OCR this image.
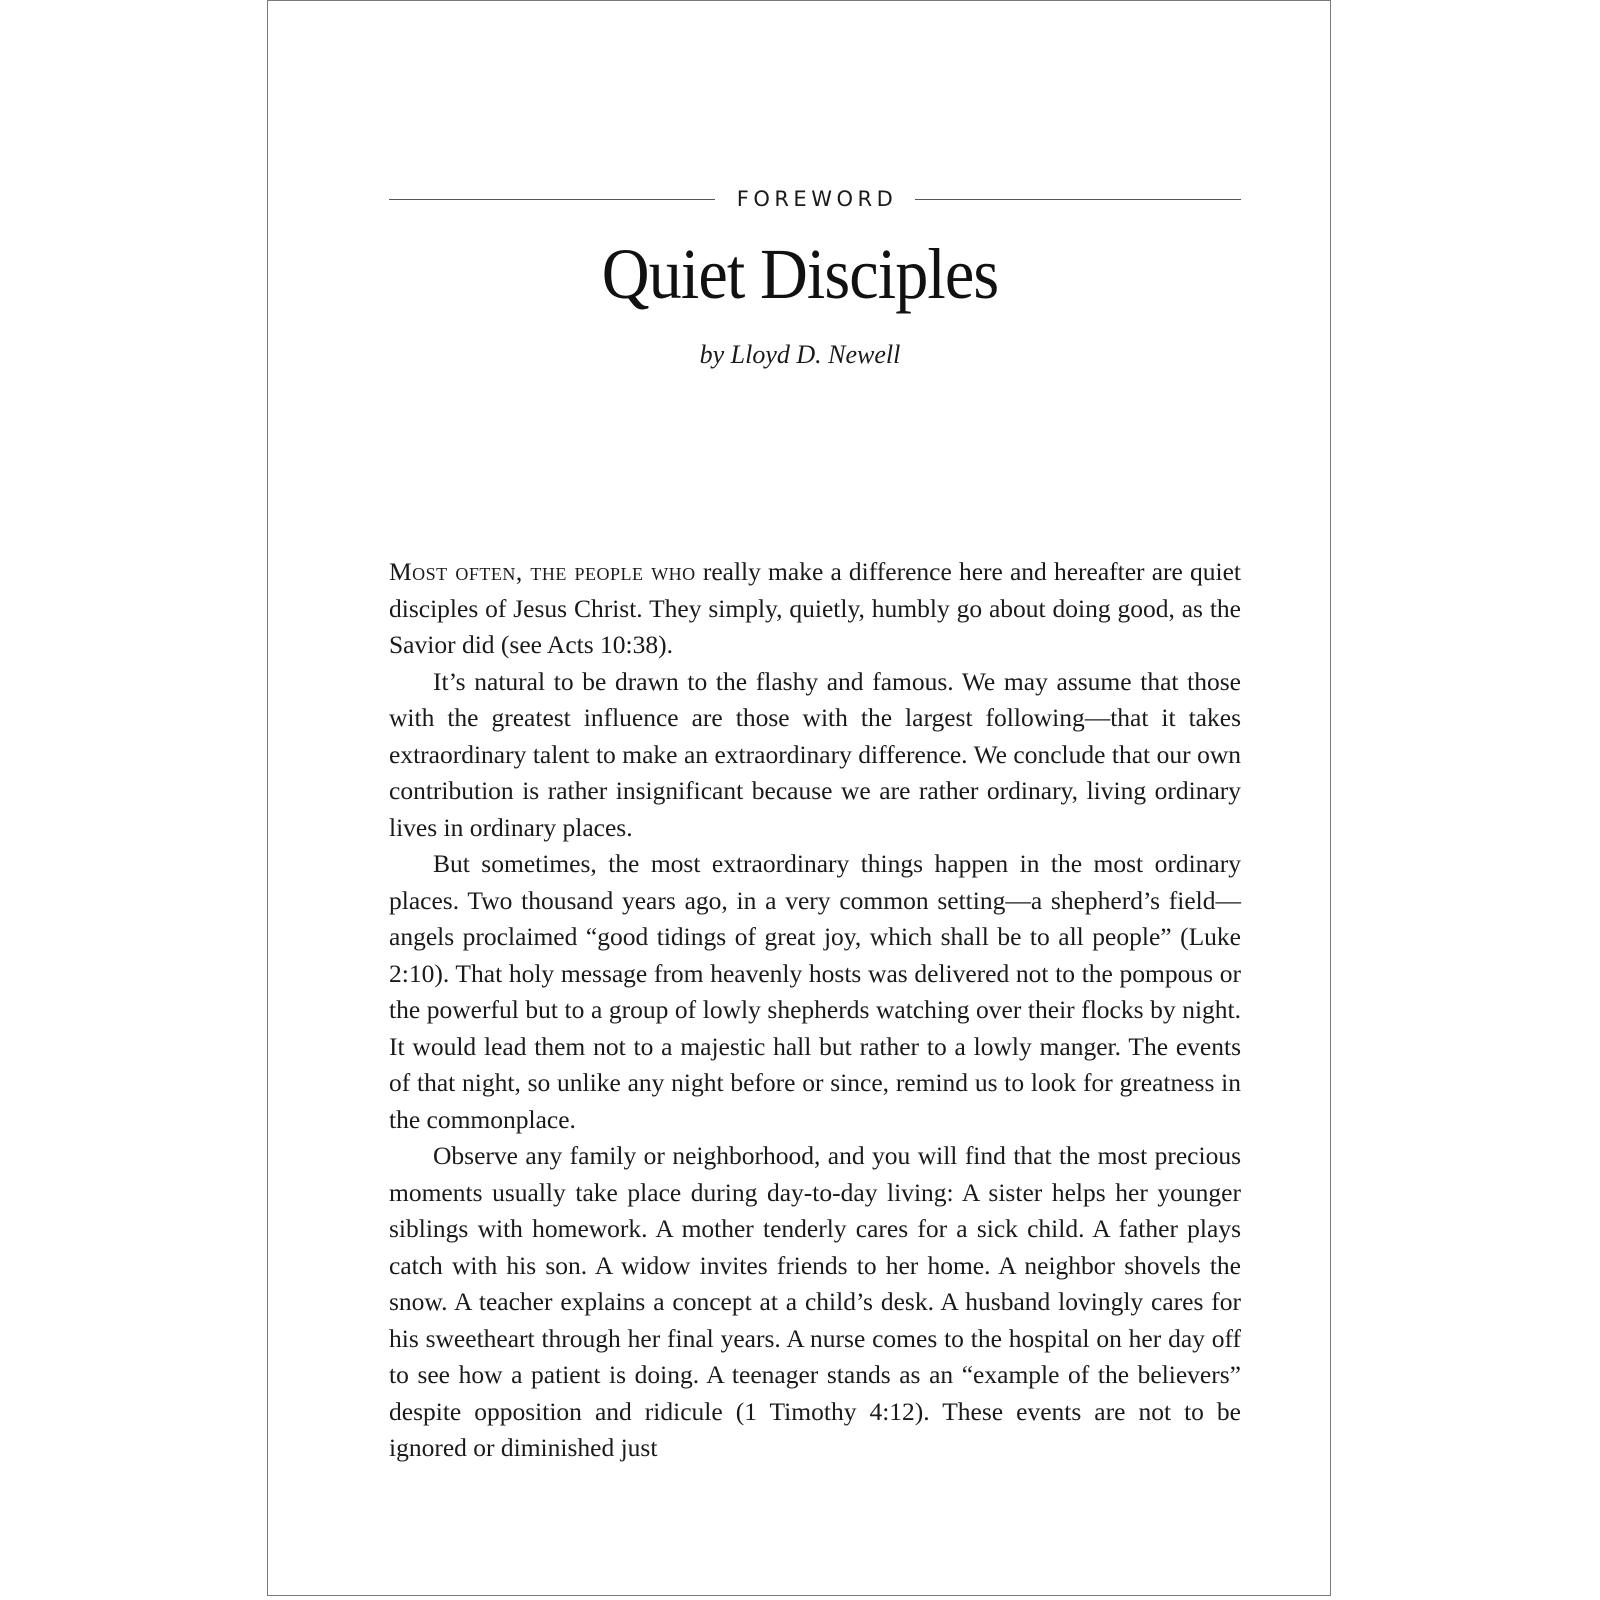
FOREWORD
Quiet Disciples
by Lloyd D. Newell

Most often, the people who really make a difference here and hereafter are quiet disciples of Jesus Christ. They simply, quietly, humbly go about doing good, as the Savior did (see Acts 10:38).

It’s natural to be drawn to the flashy and famous. We may assume that those with the greatest influence are those with the largest following—that it takes extraordinary talent to make an extraordinary difference. We conclude that our own contribution is rather insignificant because we are rather ordinary, living ordinary lives in ordinary places.

But sometimes, the most extraordinary things happen in the most ordinary places. Two thousand years ago, in a very common setting—a shepherd’s field—angels proclaimed “good tidings of great joy, which shall be to all people” (Luke 2:10). That holy message from heavenly hosts was delivered not to the pompous or the powerful but to a group of lowly shepherds watching over their flocks by night. It would lead them not to a majestic hall but rather to a lowly manger. The events of that night, so unlike any night before or since, remind us to look for greatness in the commonplace.

Observe any family or neighborhood, and you will find that the most precious moments usually take place during day-to-day living: A sister helps her younger siblings with homework. A mother tenderly cares for a sick child. A father plays catch with his son. A widow invites friends to her home. A neighbor shovels the snow. A teacher explains a concept at a child’s desk. A husband lovingly cares for his sweetheart through her final years. A nurse comes to the hospital on her day off to see how a patient is doing. A teenager stands as an “example of the believers” despite opposition and ridicule (1 Timothy 4:12). These events are not to be ignored or diminished just
